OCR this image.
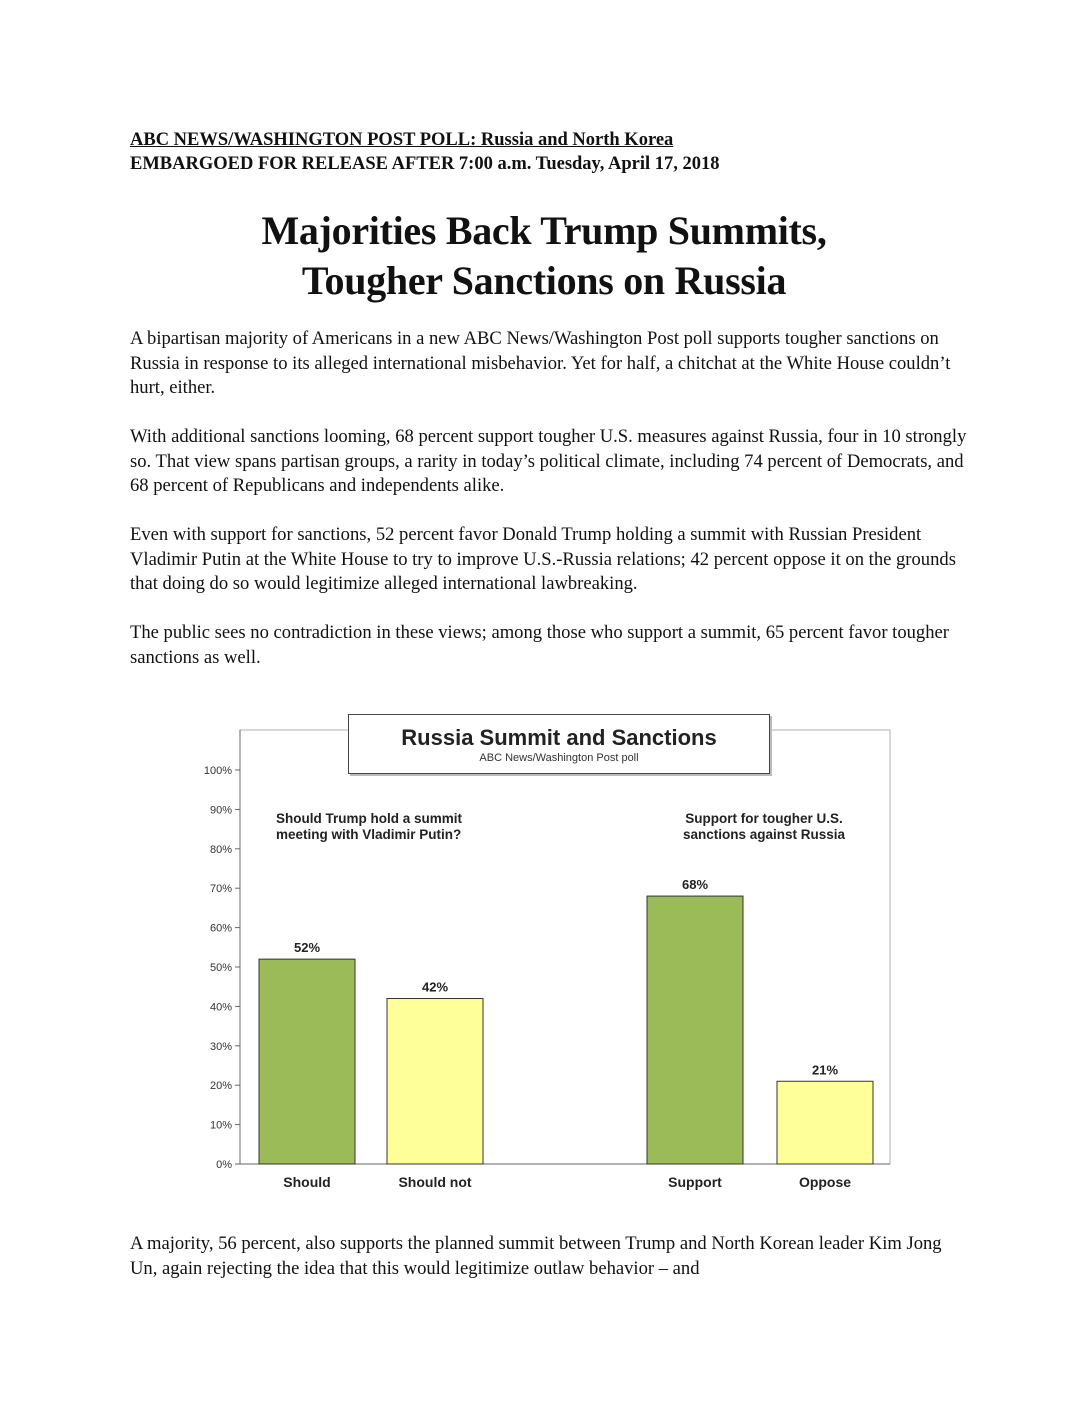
ABC NEWS/WASHINGTON POST POLL: Russia and North Korea
EMBARGOED FOR RELEASE AFTER 7:00 a.m. Tuesday, April 17, 2018
Majorities Back Trump Summits,
Tougher Sanctions on Russia

A bipartisan majority of Americans in a new ABC News/Washington Post poll supports tougher sanctions on Russia in response to its alleged international misbehavior. Yet for half, a chitchat at the White House couldn’t hurt, either.

With additional sanctions looming, 68 percent support tougher U.S. measures against Russia, four in 10 strongly so. That view spans partisan groups, a rarity in today’s political climate, including 74 percent of Democrats, and 68 percent of Republicans and independents alike.

Even with support for sanctions, 52 percent favor Donald Trump holding a summit with Russian President Vladimir Putin at the White House to try to improve U.S.-Russia relations; 42 percent oppose it on the grounds that doing do so would legitimize alleged international lawbreaking.

The public sees no contradiction in these views; among those who support a summit, 65 percent favor tougher sanctions as well.

0%
10%
20%
30%
40%
50%
60%
70%
80%
90%
100%
52%
Should
42%
Should not
68%
Support
21%
Oppose
Russia Summit and Sanctions
ABC News/Washington Post poll
Should Trump hold a summit meeting with Vladimir Putin?
Support for tougher U.S. sanctions against Russia

A majority, 56 percent, also supports the planned summit between Trump and North Korean leader Kim Jong Un, again rejecting the idea that this would legitimize outlaw behavior – and
